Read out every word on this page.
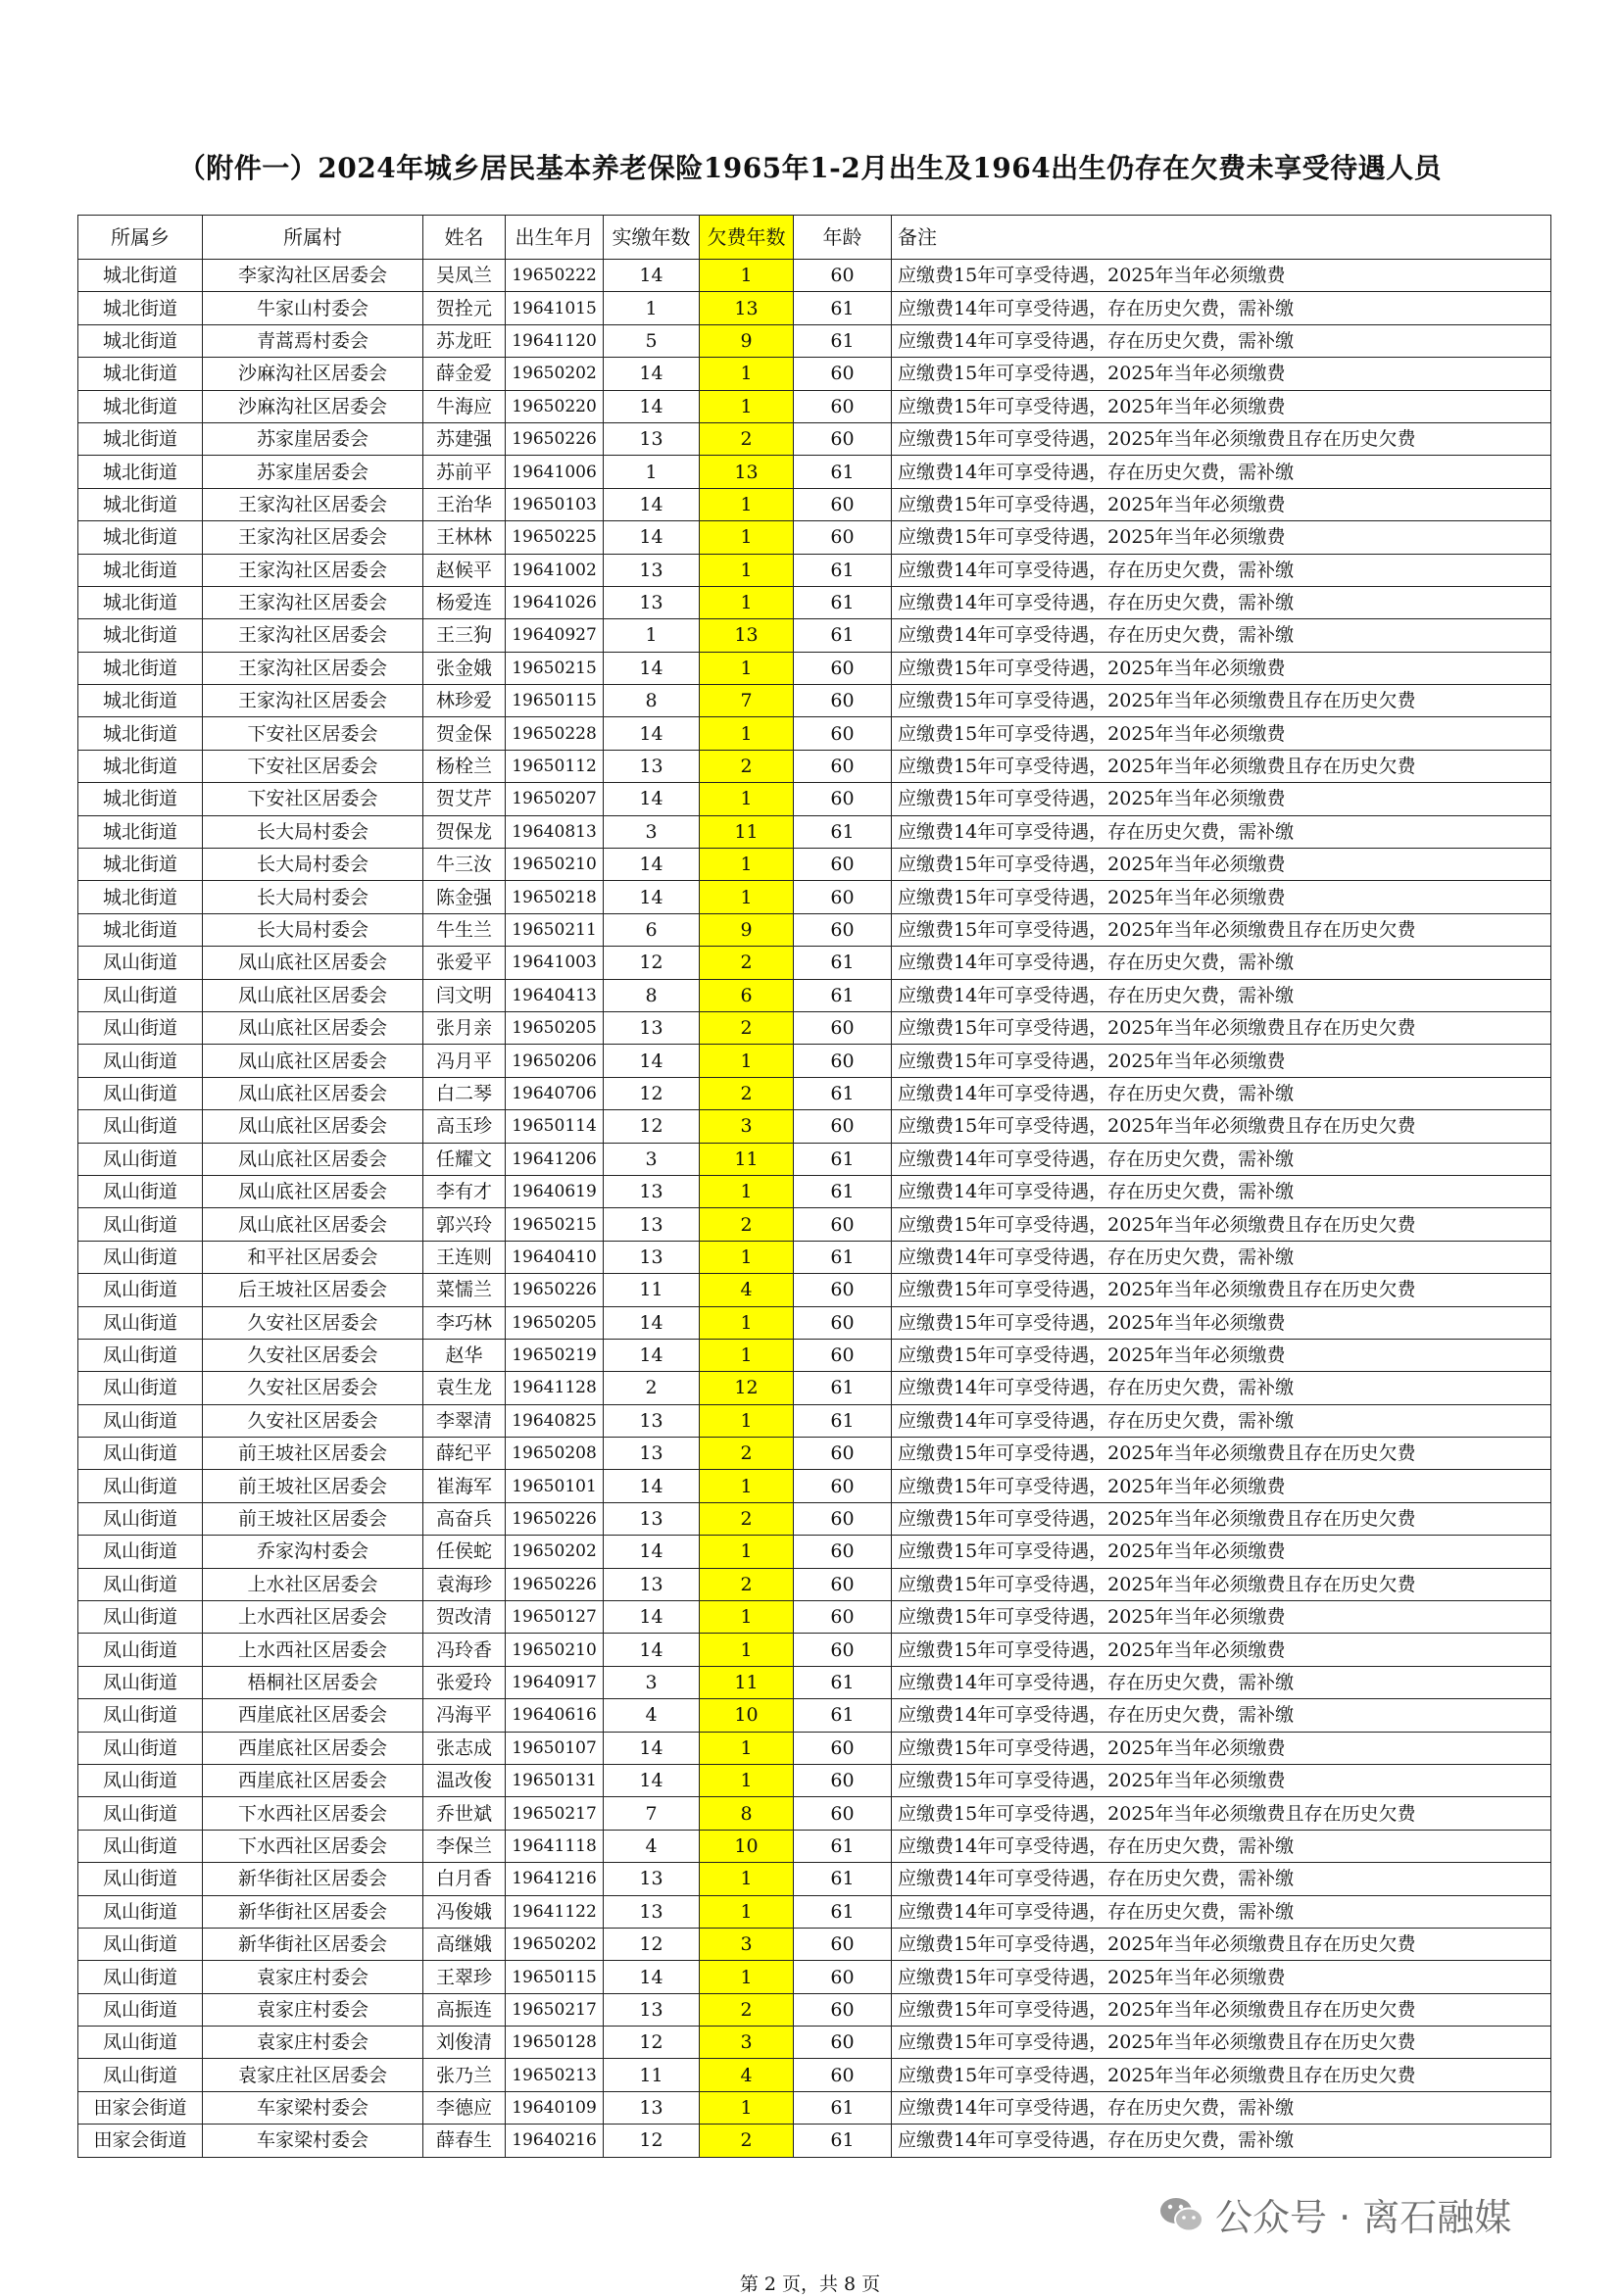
（附件一）2024年城乡居民基本养老保险1965年1-2月出生及1964出生仍存在欠费未享受待遇人员
所属乡	所属村	姓名	出生年月	实缴年数	欠费年数	年龄	备注
城北街道	李家沟社区居委会	吴凤兰	19650222	14	1	60	应缴费15年可享受待遇，2025年当年必须缴费
城北街道	牛家山村委会	贺拴元	19641015	1	13	61	应缴费14年可享受待遇，存在历史欠费，需补缴
城北街道	青蒿焉村委会	苏龙旺	19641120	5	9	61	应缴费14年可享受待遇，存在历史欠费，需补缴
城北街道	沙麻沟社区居委会	薛金爱	19650202	14	1	60	应缴费15年可享受待遇，2025年当年必须缴费
城北街道	沙麻沟社区居委会	牛海应	19650220	14	1	60	应缴费15年可享受待遇，2025年当年必须缴费
城北街道	苏家崖居委会	苏建强	19650226	13	2	60	应缴费15年可享受待遇，2025年当年必须缴费且存在历史欠费
城北街道	苏家崖居委会	苏前平	19641006	1	13	61	应缴费14年可享受待遇，存在历史欠费，需补缴
城北街道	王家沟社区居委会	王治华	19650103	14	1	60	应缴费15年可享受待遇，2025年当年必须缴费
城北街道	王家沟社区居委会	王林林	19650225	14	1	60	应缴费15年可享受待遇，2025年当年必须缴费
城北街道	王家沟社区居委会	赵候平	19641002	13	1	61	应缴费14年可享受待遇，存在历史欠费，需补缴
城北街道	王家沟社区居委会	杨爱连	19641026	13	1	61	应缴费14年可享受待遇，存在历史欠费，需补缴
城北街道	王家沟社区居委会	王三狗	19640927	1	13	61	应缴费14年可享受待遇，存在历史欠费，需补缴
城北街道	王家沟社区居委会	张金娥	19650215	14	1	60	应缴费15年可享受待遇，2025年当年必须缴费
城北街道	王家沟社区居委会	林珍爱	19650115	8	7	60	应缴费15年可享受待遇，2025年当年必须缴费且存在历史欠费
城北街道	下安社区居委会	贺金保	19650228	14	1	60	应缴费15年可享受待遇，2025年当年必须缴费
城北街道	下安社区居委会	杨栓兰	19650112	13	2	60	应缴费15年可享受待遇，2025年当年必须缴费且存在历史欠费
城北街道	下安社区居委会	贺艾芹	19650207	14	1	60	应缴费15年可享受待遇，2025年当年必须缴费
城北街道	长大局村委会	贺保龙	19640813	3	11	61	应缴费14年可享受待遇，存在历史欠费，需补缴
城北街道	长大局村委会	牛三汝	19650210	14	1	60	应缴费15年可享受待遇，2025年当年必须缴费
城北街道	长大局村委会	陈金强	19650218	14	1	60	应缴费15年可享受待遇，2025年当年必须缴费
城北街道	长大局村委会	牛生兰	19650211	6	9	60	应缴费15年可享受待遇，2025年当年必须缴费且存在历史欠费
凤山街道	凤山底社区居委会	张爱平	19641003	12	2	61	应缴费14年可享受待遇，存在历史欠费，需补缴
凤山街道	凤山底社区居委会	闫文明	19640413	8	6	61	应缴费14年可享受待遇，存在历史欠费，需补缴
凤山街道	凤山底社区居委会	张月亲	19650205	13	2	60	应缴费15年可享受待遇，2025年当年必须缴费且存在历史欠费
凤山街道	凤山底社区居委会	冯月平	19650206	14	1	60	应缴费15年可享受待遇，2025年当年必须缴费
凤山街道	凤山底社区居委会	白二琴	19640706	12	2	61	应缴费14年可享受待遇，存在历史欠费，需补缴
凤山街道	凤山底社区居委会	高玉珍	19650114	12	3	60	应缴费15年可享受待遇，2025年当年必须缴费且存在历史欠费
凤山街道	凤山底社区居委会	任耀文	19641206	3	11	61	应缴费14年可享受待遇，存在历史欠费，需补缴
凤山街道	凤山底社区居委会	李有才	19640619	13	1	61	应缴费14年可享受待遇，存在历史欠费，需补缴
凤山街道	凤山底社区居委会	郭兴玲	19650215	13	2	60	应缴费15年可享受待遇，2025年当年必须缴费且存在历史欠费
凤山街道	和平社区居委会	王连则	19640410	13	1	61	应缴费14年可享受待遇，存在历史欠费，需补缴
凤山街道	后王坡社区居委会	菜懦兰	19650226	11	4	60	应缴费15年可享受待遇，2025年当年必须缴费且存在历史欠费
凤山街道	久安社区居委会	李巧林	19650205	14	1	60	应缴费15年可享受待遇，2025年当年必须缴费
凤山街道	久安社区居委会	赵华	19650219	14	1	60	应缴费15年可享受待遇，2025年当年必须缴费
凤山街道	久安社区居委会	袁生龙	19641128	2	12	61	应缴费14年可享受待遇，存在历史欠费，需补缴
凤山街道	久安社区居委会	李翠清	19640825	13	1	61	应缴费14年可享受待遇，存在历史欠费，需补缴
凤山街道	前王坡社区居委会	薛纪平	19650208	13	2	60	应缴费15年可享受待遇，2025年当年必须缴费且存在历史欠费
凤山街道	前王坡社区居委会	崔海军	19650101	14	1	60	应缴费15年可享受待遇，2025年当年必须缴费
凤山街道	前王坡社区居委会	高奋兵	19650226	13	2	60	应缴费15年可享受待遇，2025年当年必须缴费且存在历史欠费
凤山街道	乔家沟村委会	任侯蛇	19650202	14	1	60	应缴费15年可享受待遇，2025年当年必须缴费
凤山街道	上水社区居委会	袁海珍	19650226	13	2	60	应缴费15年可享受待遇，2025年当年必须缴费且存在历史欠费
凤山街道	上水西社区居委会	贺改清	19650127	14	1	60	应缴费15年可享受待遇，2025年当年必须缴费
凤山街道	上水西社区居委会	冯玲香	19650210	14	1	60	应缴费15年可享受待遇，2025年当年必须缴费
凤山街道	梧桐社区居委会	张爱玲	19640917	3	11	61	应缴费14年可享受待遇，存在历史欠费，需补缴
凤山街道	西崖底社区居委会	冯海平	19640616	4	10	61	应缴费14年可享受待遇，存在历史欠费，需补缴
凤山街道	西崖底社区居委会	张志成	19650107	14	1	60	应缴费15年可享受待遇，2025年当年必须缴费
凤山街道	西崖底社区居委会	温改俊	19650131	14	1	60	应缴费15年可享受待遇，2025年当年必须缴费
凤山街道	下水西社区居委会	乔世斌	19650217	7	8	60	应缴费15年可享受待遇，2025年当年必须缴费且存在历史欠费
凤山街道	下水西社区居委会	李保兰	19641118	4	10	61	应缴费14年可享受待遇，存在历史欠费，需补缴
凤山街道	新华街社区居委会	白月香	19641216	13	1	61	应缴费14年可享受待遇，存在历史欠费，需补缴
凤山街道	新华街社区居委会	冯俊娥	19641122	13	1	61	应缴费14年可享受待遇，存在历史欠费，需补缴
凤山街道	新华街社区居委会	高继娥	19650202	12	3	60	应缴费15年可享受待遇，2025年当年必须缴费且存在历史欠费
凤山街道	袁家庄村委会	王翠珍	19650115	14	1	60	应缴费15年可享受待遇，2025年当年必须缴费
凤山街道	袁家庄村委会	高振连	19650217	13	2	60	应缴费15年可享受待遇，2025年当年必须缴费且存在历史欠费
凤山街道	袁家庄村委会	刘俊清	19650128	12	3	60	应缴费15年可享受待遇，2025年当年必须缴费且存在历史欠费
凤山街道	袁家庄社区居委会	张乃兰	19650213	11	4	60	应缴费15年可享受待遇，2025年当年必须缴费且存在历史欠费
田家会街道	车家梁村委会	李德应	19640109	13	1	61	应缴费14年可享受待遇，存在历史欠费，需补缴
田家会街道	车家梁村委会	薛春生	19640216	12	2	61	应缴费14年可享受待遇，存在历史欠费，需补缴
公众号 · 离石融媒
第 2 页，共 8 页
